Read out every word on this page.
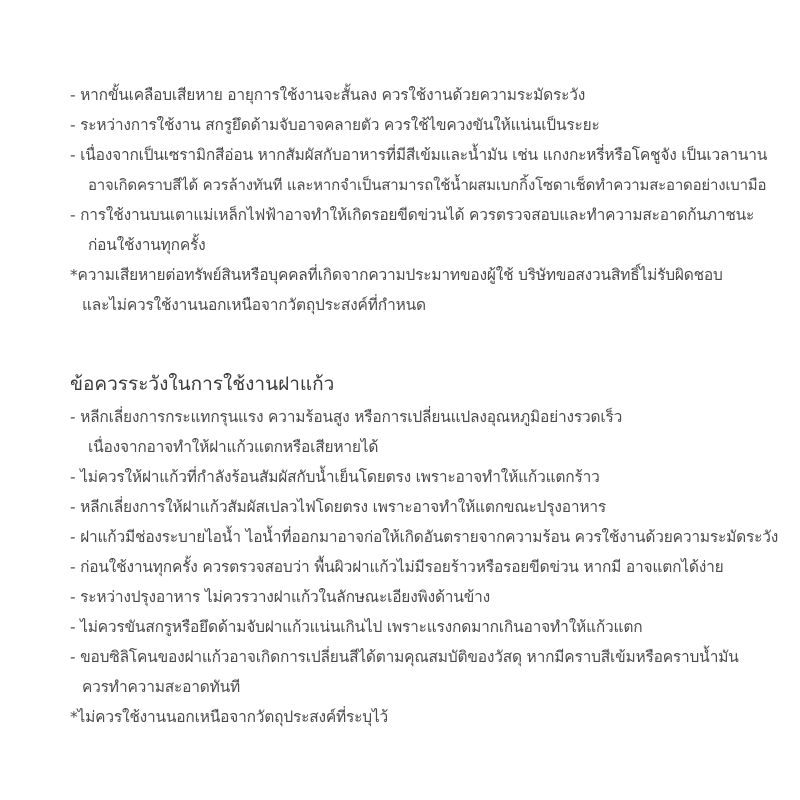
- หากขั้นเคลือบเสียหาย อายุการใช้งานจะสั้นลง ควรใช้งานด้วยความระมัดระวัง
- ระหว่างการใช้งาน สกรูยึดด้ามจับอาจคลายตัว ควรใช้ไขควงขันให้แน่นเป็นระยะ
- เนื่องจากเป็นเซรามิกสีอ่อน หากสัมผัสกับอาหารที่มีสีเข้มและน้ำมัน เช่น แกงกะหรี่หรือโคชูจัง เป็นเวลานาน
อาจเกิดคราบสีได้ ควรล้างทันที และหากจำเป็นสามารถใช้น้ำผสมเบกกิ้งโซดาเช็ดทำความสะอาดอย่างเบามือ
- การใช้งานบนเตาแม่เหล็กไฟฟ้าอาจทำให้เกิดรอยขีดข่วนได้ ควรตรวจสอบและทำความสะอาดก้นภาชนะ
ก่อนใช้งานทุกครั้ง
*ความเสียหายต่อทรัพย์สินหรือบุคคลที่เกิดจากความประมาทของผู้ใช้ บริษัทขอสงวนสิทธิ์ไม่รับผิดชอบ
และไม่ควรใช้งานนอกเหนือจากวัตถุประสงค์ที่กำหนด
ข้อควรระวังในการใช้งานฝาแก้ว
- หลีกเลี่ยงการกระแทกรุนแรง ความร้อนสูง หรือการเปลี่ยนแปลงอุณหภูมิอย่างรวดเร็ว
เนื่องจากอาจทำให้ฝาแก้วแตกหรือเสียหายได้
- ไม่ควรให้ฝาแก้วที่กำลังร้อนสัมผัสกับน้ำเย็นโดยตรง เพราะอาจทำให้แก้วแตกร้าว
- หลีกเลี่ยงการให้ฝาแก้วสัมผัสเปลวไฟโดยตรง เพราะอาจทำให้แตกขณะปรุงอาหาร
- ฝาแก้วมีช่องระบายไอน้ำ ไอน้ำที่ออกมาอาจก่อให้เกิดอันตรายจากความร้อน ควรใช้งานด้วยความระมัดระวัง
- ก่อนใช้งานทุกครั้ง ควรตรวจสอบว่า พื้นผิวฝาแก้วไม่มีรอยร้าวหรือรอยขีดข่วน หากมี อาจแตกได้ง่าย
- ระหว่างปรุงอาหาร ไม่ควรวางฝาแก้วในลักษณะเอียงพิงด้านข้าง
- ไม่ควรขันสกรูหรือยึดด้ามจับฝาแก้วแน่นเกินไป เพราะแรงกดมากเกินอาจทำให้แก้วแตก
- ขอบซิลิโคนของฝาแก้วอาจเกิดการเปลี่ยนสีได้ตามคุณสมบัติของวัสดุ หากมีคราบสีเข้มหรือคราบน้ำมัน
ควรทำความสะอาดทันที
*ไม่ควรใช้งานนอกเหนือจากวัตถุประสงค์ที่ระบุไว้
